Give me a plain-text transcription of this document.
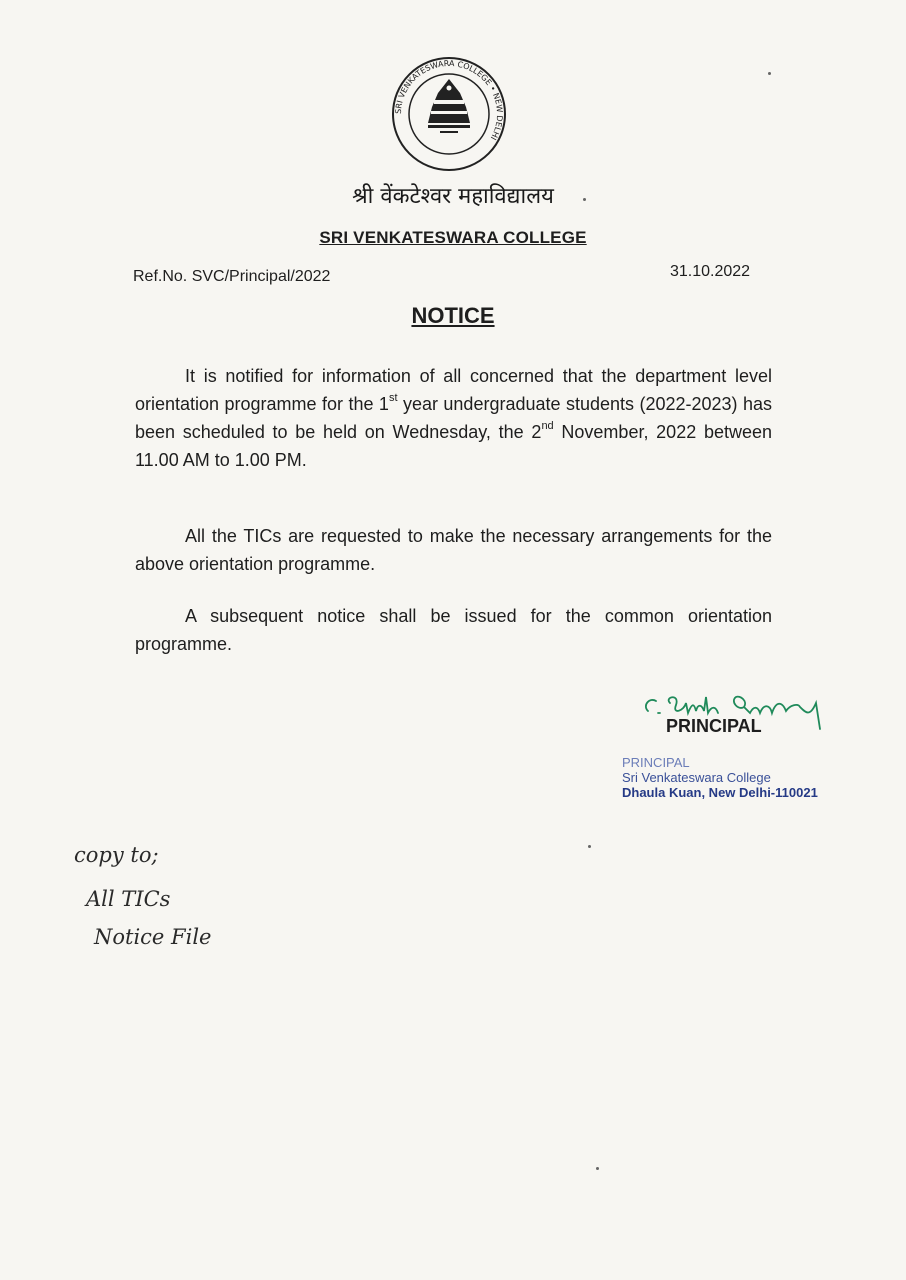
SRI VENKATESWARA COLLEGE • NEW DELHI
श्री वेंकटेश्वर महाविद्यालय
SRI VENKATESWARA COLLEGE
Ref.No. SVC/Principal/2022	31.10.2022
NOTICE
It is notified for information of all concerned that the department level orientation programme for the 1st year undergraduate students (2022-2023) has been scheduled to be held on Wednesday, the 2nd November, 2022 between 11.00 AM to 1.00 PM.
All the TICs are requested to make the necessary arrangements for the above orientation programme.
A subsequent notice shall be issued for the common orientation programme.
PRINCIPAL
PRINCIPAL
Sri Venkateswara College
Dhaula Kuan, New Delhi-110021
copy to;
All TICs
Notice File
